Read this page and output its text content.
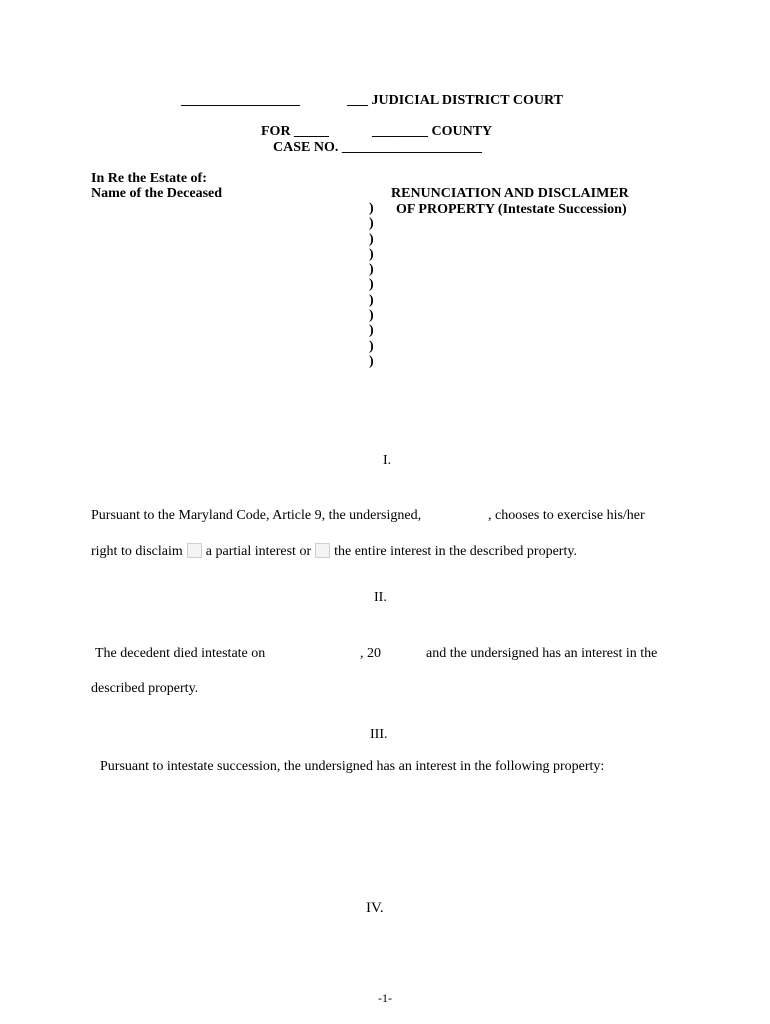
_________________	___ JUDICIAL DISTRICT COURT
FOR _____	________ COUNTY
CASE NO. ____________________
In Re the Estate of:
Name of the Deceased	RENUNCIATION AND DISCLAIMER
OF PROPERTY (Intestate Succession)
)
)
)
)
)
)
)
)
)
)
)
I.
Pursuant to the Maryland Code, Article 9, the undersigned,	, chooses to exercise his/her
right to disclaim a partial interest or the entire interest in the described property.
II.
The decedent died intestate on	, 20	and the undersigned has an interest in the
described property.
III.
Pursuant to intestate succession, the undersigned has an interest in the following property:
IV.
-1-
